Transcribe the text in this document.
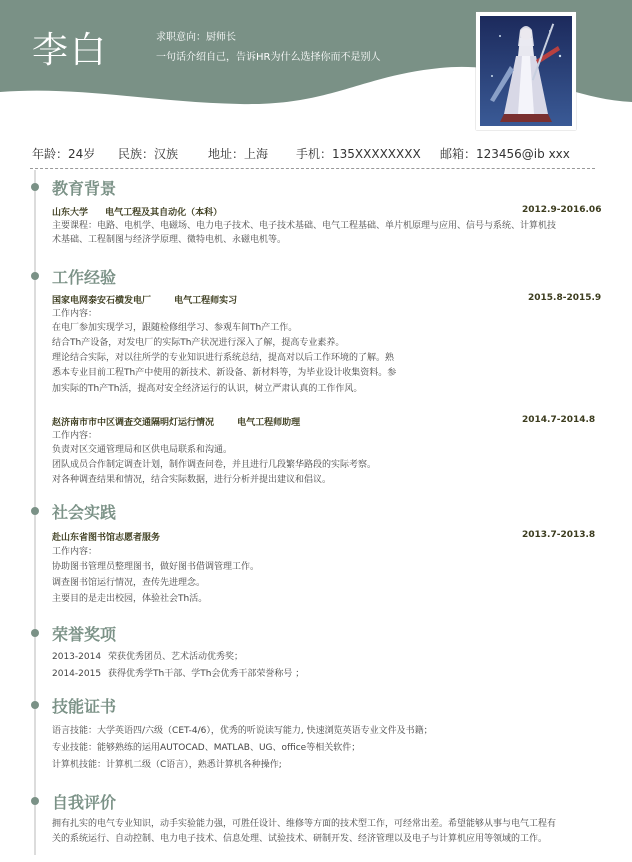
李白	求职意向：厨师长
一句话介绍自己，告诉HR为什么选择你而不是别人
年龄：24岁 民族：汉族 地址：上海 手机：135XXXXXXXX 邮箱：123456@ib xxx
教育背景
山东大学 电气工程及其自动化（本科）	2012.9-2016.06
主要课程：电路、电机学、电磁场、电力电子技术、电子技术基础、电气工程基础、单片机原理与应用、信号与系统、计算机技
术基础、工程制图与经济学原理、微特电机、永磁电机等。
工作经验
国家电网泰安石横发电厂	电气工程师实习	2015.8-2015.9
工作内容：
在电厂参加实现学习，跟随检修组学习、参观车间Th产工作。
结合Th产设备，对发电厂的实际Th产状况进行深入了解，提高专业素养。
理论结合实际，对以往所学的专业知识进行系统总结，提高对以后工作环境的了解。熟
悉本专业目前工程Th产中使用的新技术、新设备、新材料等，为毕业设计收集资料。参
加实际的Th产Th活，提高对安全经济运行的认识，树立严肃认真的工作作风。
赵济南市市中区调查交通隔明灯运行情况	电气工程师助理	2014.7-2014.8
工作内容：
负责对区交通管理局和区供电局联系和沟通。
团队成员合作制定调查计划，制作调查问卷，并且进行几段繁华路段的实际考察。
对各种调查结果和情况，结合实际数据，进行分析并提出建议和倡议。
社会实践
赴山东省图书馆志愿者服务	2013.7-2013.8
工作内容：
协助图书管理员整理图书，做好图书借调管理工作。
调查图书馆运行情况，查传先进理念。
主要目的是走出校园，体验社会Th活。
荣誉奖项
2013-2014 荣获优秀团员、艺术活动优秀奖；
2014-2015 获得优秀学Th干部、学Th会优秀干部荣誉称号 ；
技能证书
语言技能：大学英语四/六级（CET-4/6），优秀的听说读写能力, 快速浏览英语专业文件及书籍；
专业技能：能够熟练的运用AUTOCAD、MATLAB、UG、office等相关软件；
计算机技能：计算机二级（C语言），熟悉计算机各种操作;
自我评价
拥有扎实的电气专业知识，动手实验能力强，可胜任设计、维修等方面的技术型工作，可经常出差。希望能够从事与电气工程有
关的系统运行、自动控制、电力电子技术、信息处理、试验技术、研制开发、经济管理以及电子与计算机应用等领域的工作。
